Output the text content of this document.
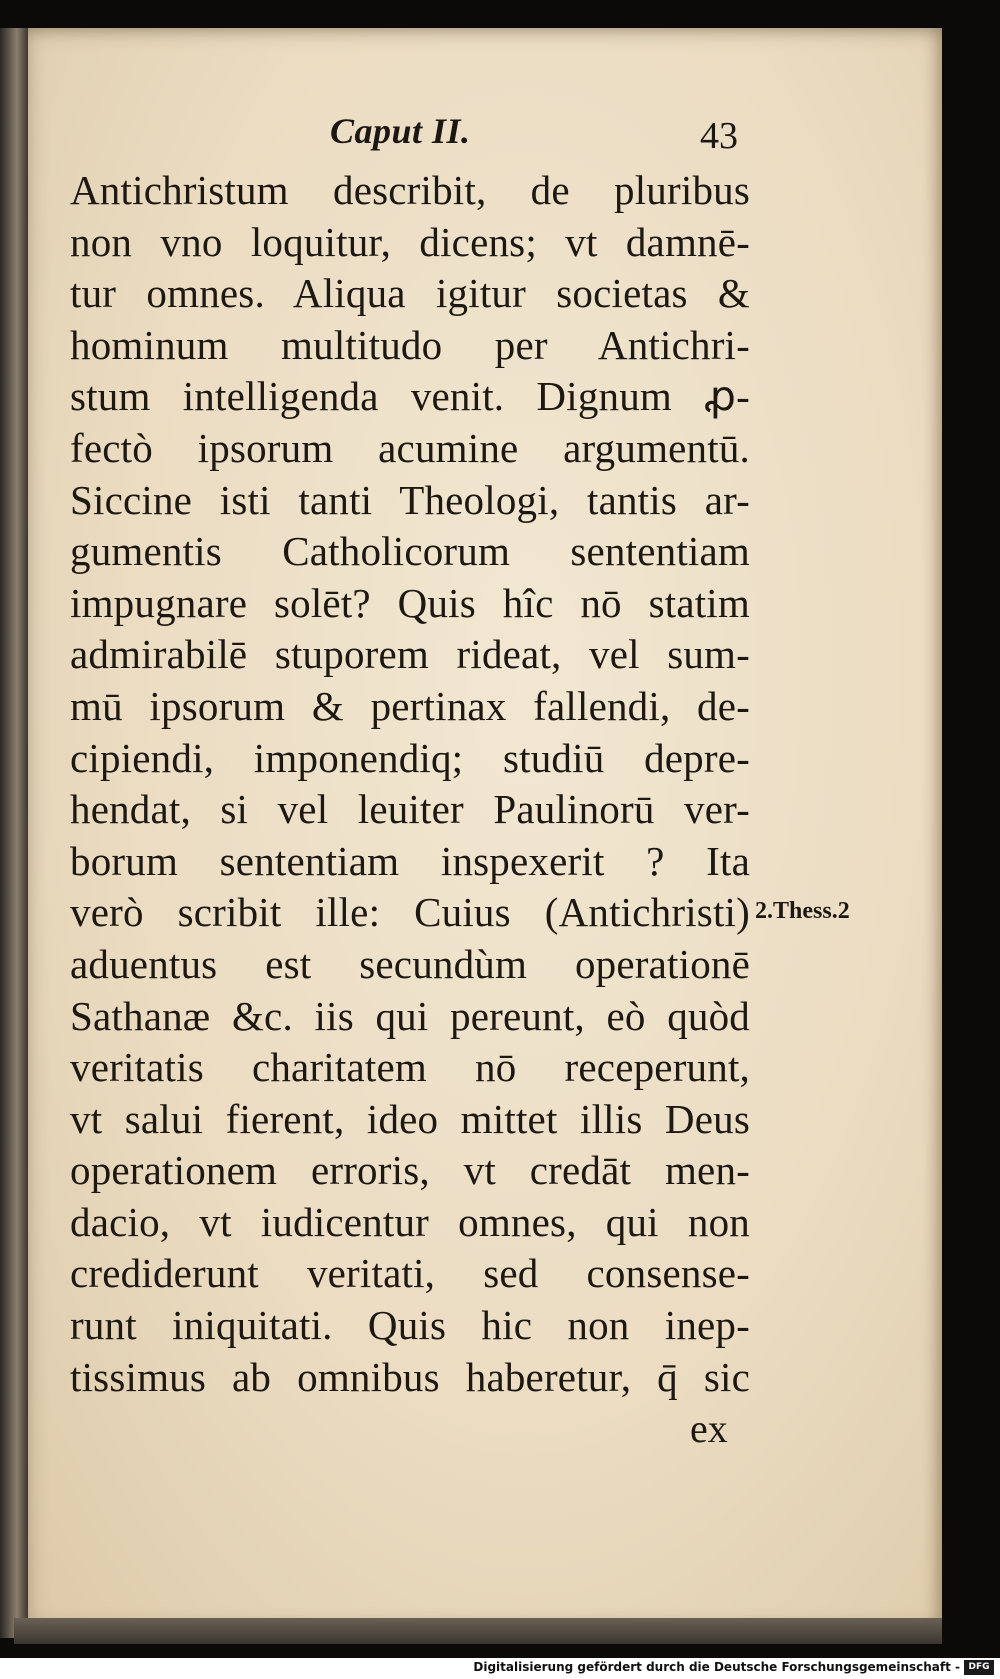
Caput II.	43
Antichristum describit, de pluribus
non vno loquitur, dicens; vt damnē-
tur omnes. Aliqua igitur societas &
hominum multitudo per Antichri-
stum intelligenda venit. Dignum ꝓ-
fectò ipsorum acumine argumentū.
Siccine isti tanti Theologi, tantis ar-
gumentis Catholicorum sententiam
impugnare solēt? Quis hîc nō statim
admirabilē stuporem rideat, vel sum-
mū ipsorum & pertinax fallendi, de-
cipiendi, imponendiq; studiū depre-
hendat, si vel leuiter Paulinorū ver-
borum sententiam inspexerit ? Ita
verò scribit ille: Cuius (Antichristi)
aduentus est secundùm operationē
Sathanæ &c. iis qui pereunt, eò quòd
veritatis charitatem nō receperunt,
vt salui fierent, ideo mittet illis Deus
operationem erroris, vt credāt men-
dacio, vt iudicentur omnes, qui non
crediderunt veritati, sed consense-
runt iniquitati. Quis hic non inep-
tissimus ab omnibus haberetur, q̄ sic
2.Thess.2
ex
Digitalisierung gefördert durch die Deutsche Forschungsgemeinschaft - DFG
